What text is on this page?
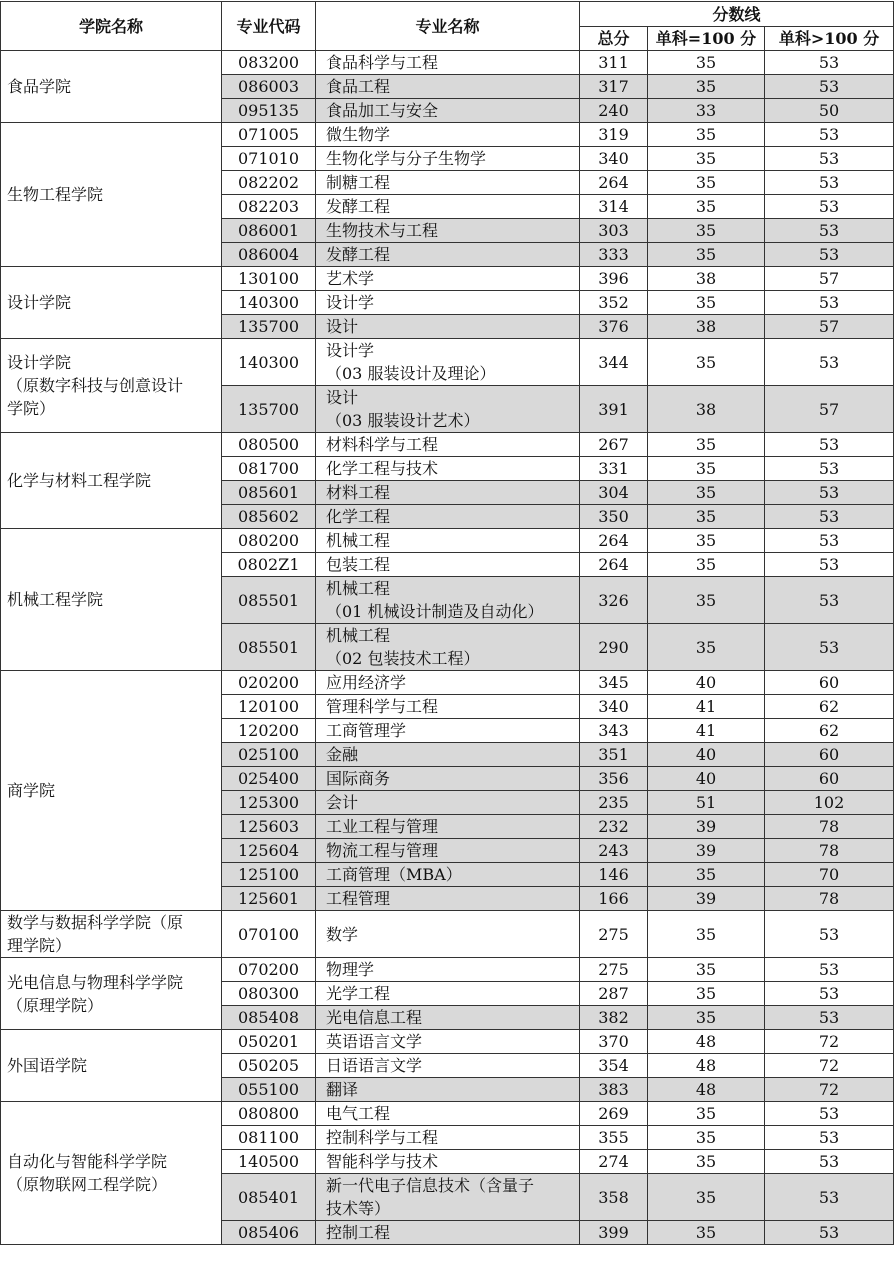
学院名称	专业代码	专业名称	分数线		
			总分	单科=100 分	单科>100 分

食品学院	083200	食品科学与工程	311	35	53
	086003	食品工程	317	35	53
	095135	食品加工与安全	240	33	50

生物工程学院	071005	微生物学	319	35	53
	071010	生物化学与分子生物学	340	35	53
	082202	制糖工程	264	35	53
	082203	发酵工程	314	35	53
	086001	生物技术与工程	303	35	53
	086004	发酵工程	333	35	53

设计学院	130100	艺术学	396	38	57
	140300	设计学	352	35	53
	135700	设计	376	38	57

设计学院
（原数字科技与创意设计
学院）	140300	设计学
（03 服装设计及理论）	344	35	53
	135700	设计
（03 服装设计艺术）	391	38	57

化学与材料工程学院	080500	材料科学与工程	267	35	53
	081700	化学工程与技术	331	35	53
	085601	材料工程	304	35	53
	085602	化学工程	350	35	53

机械工程学院	080200	机械工程	264	35	53
	0802Z1	包装工程	264	35	53
	085501	机械工程
（01 机械设计制造及自动化）	326	35	53
	085501	机械工程
（02 包装技术工程）	290	35	53

商学院	020200	应用经济学	345	40	60
	120100	管理科学与工程	340	41	62
	120200	工商管理学	343	41	62
	025100	金融	351	40	60
	025400	国际商务	356	40	60
	125300	会计	235	51	102
	125603	工业工程与管理	232	39	78
	125604	物流工程与管理	243	39	78
	125100	工商管理（MBA）	146	35	70
	125601	工程管理	166	39	78

数学与数据科学学院（原
理学院）	070100	数学	275	35	53

光电信息与物理科学学院
（原理学院）	070200	物理学	275	35	53
	080300	光学工程	287	35	53
	085408	光电信息工程	382	35	53

外国语学院	050201	英语语言文学	370	48	72
	050205	日语语言文学	354	48	72
	055100	翻译	383	48	72

自动化与智能科学学院
（原物联网工程学院）	080800	电气工程	269	35	53
	081100	控制科学与工程	355	35	53
	140500	智能科学与技术	274	35	53
	085401	新一代电子信息技术（含量子
技术等）	358	35	53
	085406	控制工程	399	35	53
